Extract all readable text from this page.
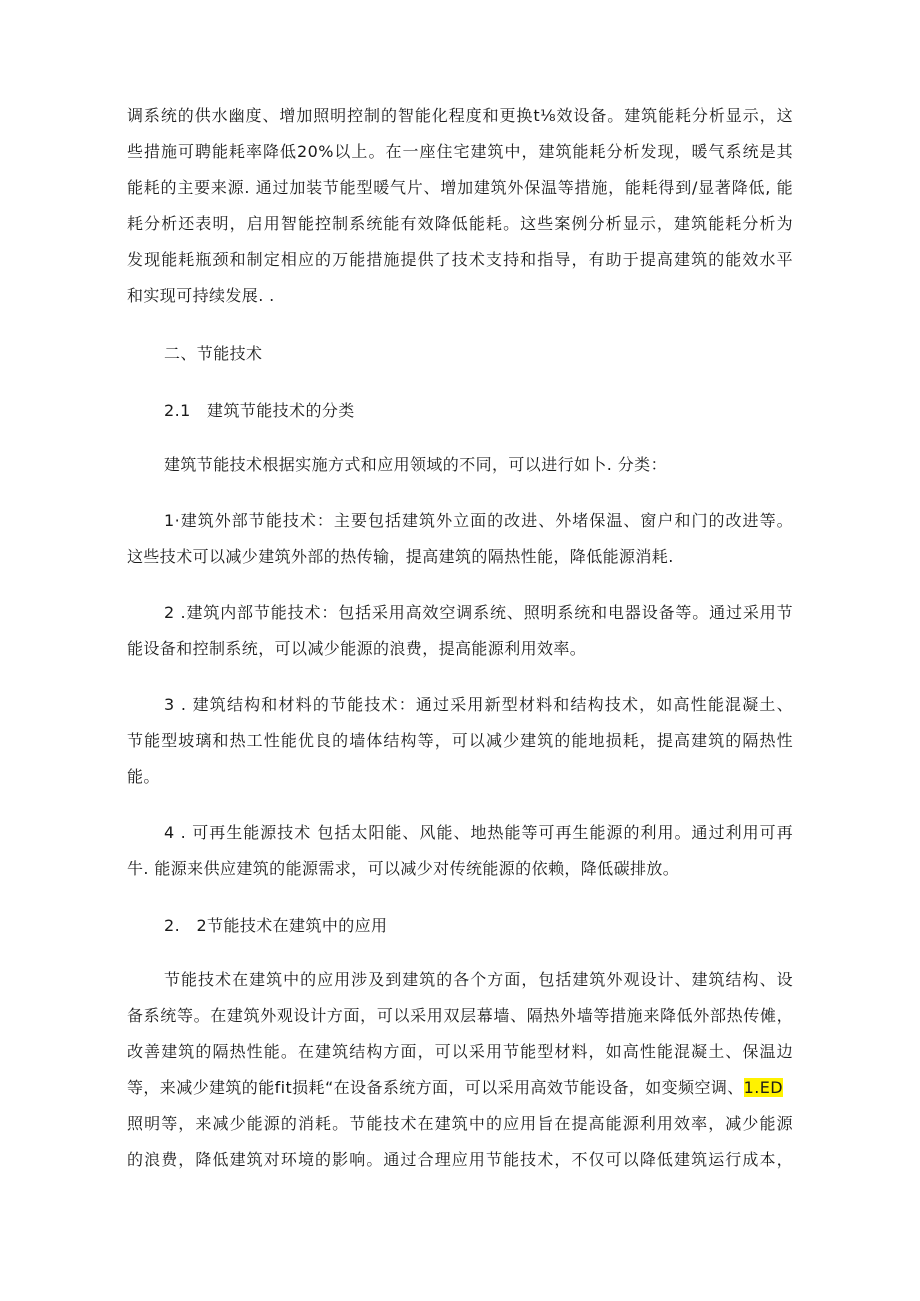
调系统的供水幽度、增加照明控制的智能化程度和更换t⅛效设备。建筑能耗分析显示，这
些措施可聘能耗率降低20%以上。在一座住宅建筑中，建筑能耗分析发现，暖气系统是其
能耗的主要来源. 通过加装节能型暖气片、增加建筑外保温等措施，能耗得到/显著降低, 能
耗分析还表明，启用智能控制系统能有效降低能耗。这些案例分析显示，建筑能耗分析为
发现能耗瓶颈和制定相应的万能措施提供了技术支持和指导，有助于提高建筑的能效水平
和实现可持续发展. .
二、节能技术
2.1　建筑节能技术的分类
建筑节能技术根据实施方式和应用领域的不同，可以进行如卜. 分类：
1·建筑外部节能技术：主要包括建筑外立面的改进、外堵保温、窗户和门的改进等。
这些技术可以减少建筑外部的热传输，提高建筑的隔热性能，降低能源消耗.
2 .建筑内部节能技术：包括采用高效空调系统、照明系统和电器设备等。通过采用节
能设备和控制系统，可以减少能源的浪费，提高能源利用效率。
3 . 建筑结构和材料的节能技术：通过采用新型材料和结构技术，如高性能混凝土、
节能型坡璃和热工性能优良的墙体结构等，可以减少建筑的能地损耗，提高建筑的隔热性
能。
4 . 可再生能源技术 包括太阳能、风能、地热能等可再生能源的利用。通过利用可再
牛. 能源来供应建筑的能源需求，可以减少对传统能源的依赖，降低碳排放。
2.　2节能技术在建筑中的应用
节能技术在建筑中的应用涉及到建筑的各个方面，包括建筑外观设计、建筑结构、设
备系统等。在建筑外观设计方面，可以采用双层幕墙、隔热外墙等措施来降低外部热传傩，
改善建筑的隔热性能。在建筑结构方面，可以采用节能型材料，如高性能混凝土、保温边
等，来减少建筑的能fit损耗“在设备系统方面，可以采用高效节能设备，如变频空调、1.ED
照明等，来减少能源的消耗。节能技术在建筑中的应用旨在提高能源利用效率，减少能源
的浪费，降低建筑对环境的影响。通过合理应用节能技术，不仅可以降低建筑运行成本，
